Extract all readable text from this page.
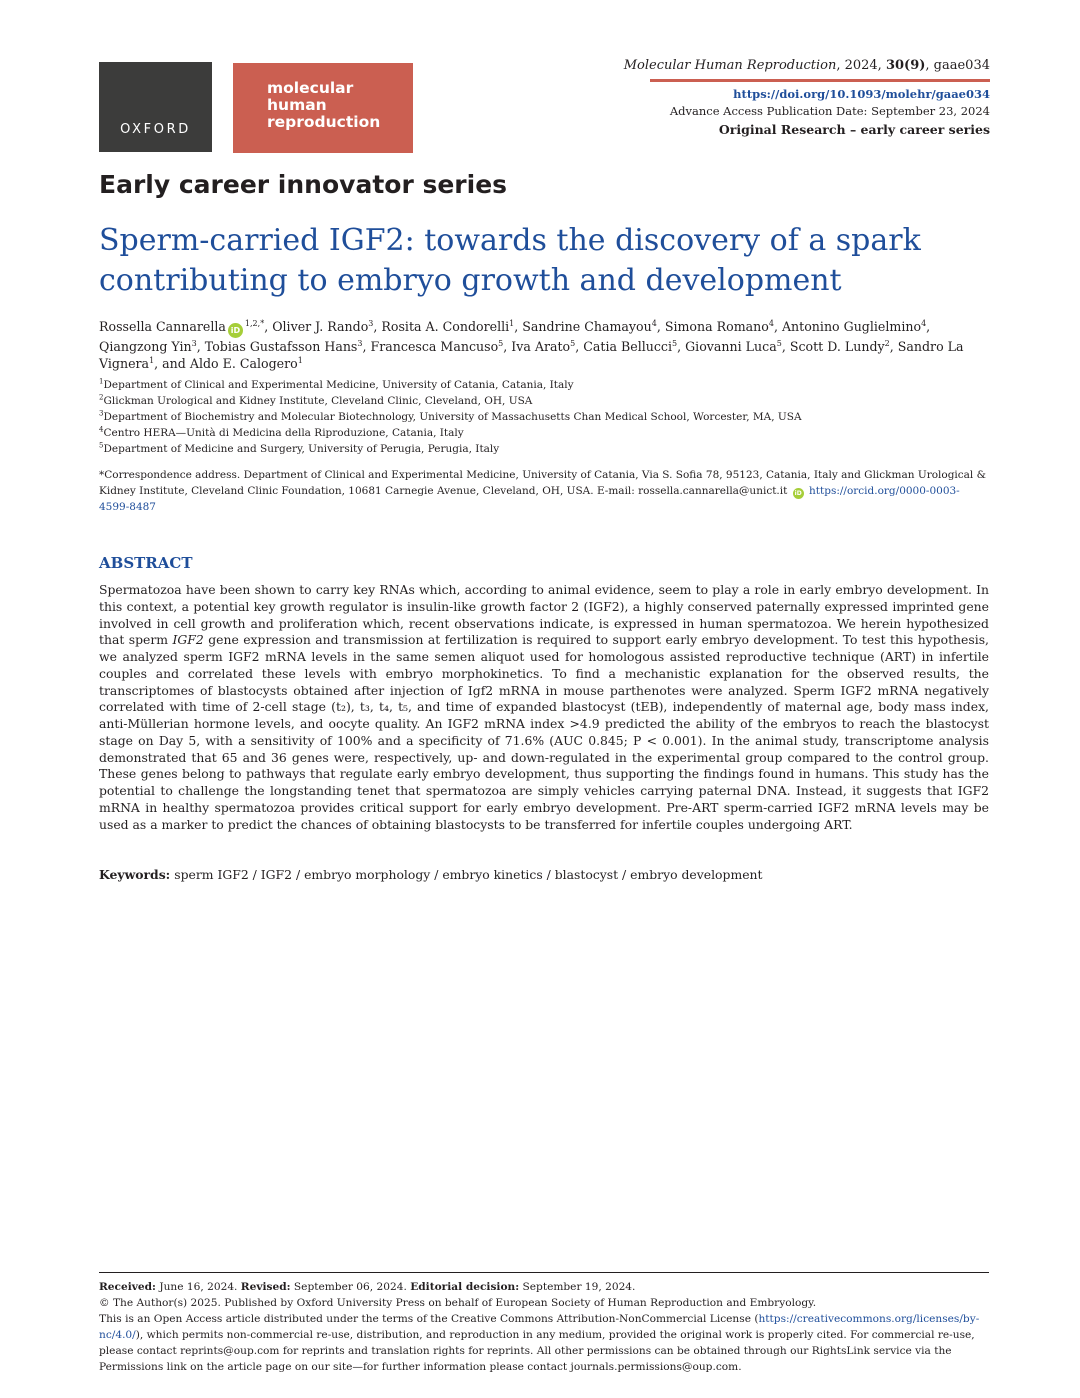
OXFORD
molecular
human
reproduction
Molecular Human Reproduction, 2024, 30(9), gaae034
https://doi.org/10.1093/molehr/gaae034
Advance Access Publication Date: September 23, 2024
Original Research – early career series
Early career innovator series
Sperm-carried IGF2: towards the discovery of a spark contributing to embryo growth and development
Rossella Cannarella $iD^{1,2,*}$, Oliver J. Rando$^3$, Rosita A. Condorelli$^1$, Sandrine Chamayou$^4$, Simona Romano$^4$, Antonino Guglielmino$^4$, Qiangzong Yin$^3$, Tobias Gustafsson Hans$^3$, Francesca Mancuso$^5$, Iva Arato$^5$, Catia Bellucci$^5$, Giovanni Luca$^5$, Scott D. Lundy$^2$, Sandro La Vignera$^1$, and Aldo E. Calogero$^1$
$^1$Department of Clinical and Experimental Medicine, University of Catania, Catania, Italy
$^2$Glickman Urological and Kidney Institute, Cleveland Clinic, Cleveland, OH, USA
$^3$Department of Biochemistry and Molecular Biotechnology, University of Massachusetts Chan Medical School, Worcester, MA, USA
$^4$Centro HERA—Unità di Medicina della Riproduzione, Catania, Italy
$^5$Department of Medicine and Surgery, University of Perugia, Perugia, Italy
*Correspondence address. Department of Clinical and Experimental Medicine, University of Catania, Via S. Sofia 78, 95123, Catania, Italy and Glickman Urological & Kidney Institute, Cleveland Clinic Foundation, 10681 Carnegie Avenue, Cleveland, OH, USA. E-mail: rossella.cannarella@unict.it iD https://orcid.org/0000-0003-4599-8487
ABSTRACT
Spermatozoa have been shown to carry key RNAs which, according to animal evidence, seem to play a role in early embryo development. In this context, a potential key growth regulator is insulin-like growth factor 2 (IGF2), a highly conserved paternally expressed imprinted gene involved in cell growth and proliferation which, recent observations indicate, is expressed in human spermatozoa. We herein hypothesized that sperm IGF2 gene expression and transmission at fertilization is required to support early embryo development. To test this hypothesis, we analyzed sperm IGF2 mRNA levels in the same semen aliquot used for homologous assisted reproductive technique (ART) in infertile couples and correlated these levels with embryo morphokinetics. To find a mechanistic explanation for the observed results, the transcriptomes of blastocysts obtained after injection of Igf2 mRNA in mouse parthenotes were analyzed. Sperm IGF2 mRNA negatively correlated with time of 2-cell stage (t₂), t₃, t₄, t₅, and time of expanded blastocyst (tEB), independently of maternal age, body mass index, anti-Müllerian hormone levels, and oocyte quality. An IGF2 mRNA index >4.9 predicted the ability of the embryos to reach the blastocyst stage on Day 5, with a sensitivity of 100% and a specificity of 71.6% (AUC 0.845; P < 0.001). In the animal study, transcriptome analysis demonstrated that 65 and 36 genes were, respectively, up- and down-regulated in the experimental group compared to the control group. These genes belong to pathways that regulate early embryo development, thus supporting the findings found in humans. This study has the potential to challenge the longstanding tenet that spermatozoa are simply vehicles carrying paternal DNA. Instead, it suggests that IGF2 mRNA in healthy spermatozoa provides critical support for early embryo development. Pre-ART sperm-carried IGF2 mRNA levels may be used as a marker to predict the chances of obtaining blastocysts to be transferred for infertile couples undergoing ART.
Keywords: sperm IGF2 / IGF2 / embryo morphology / embryo kinetics / blastocyst / embryo development
Received: June 16, 2024. Revised: September 06, 2024. Editorial decision: September 19, 2024.
© The Author(s) 2025. Published by Oxford University Press on behalf of European Society of Human Reproduction and Embryology.
This is an Open Access article distributed under the terms of the Creative Commons Attribution-NonCommercial License (https://creativecommons.org/licenses/by-nc/4.0/), which permits non-commercial re-use, distribution, and reproduction in any medium, provided the original work is properly cited. For commercial re-use, please contact reprints@oup.com for reprints and translation rights for reprints. All other permissions can be obtained through our RightsLink service via the Permissions link on the article page on our site—for further information please contact journals.permissions@oup.com.
